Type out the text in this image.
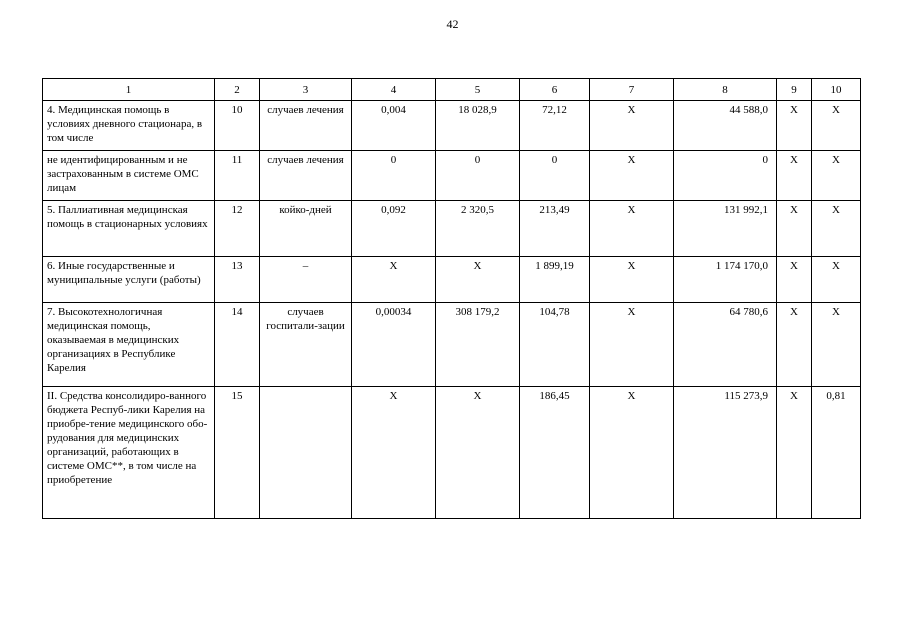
42
1	2	3	4	5	6	7	8	9	10
4. Медицинская помощь в условиях дневного стационара, в том числе	10	случаев лечения	0,004	18 028,9	72,12	X	44 588,0	X	X
не идентифицированным и не застрахованным в системе ОМС лицам	11	случаев лечения	0	0	0	X	0	X	X
5. Паллиативная медицинская помощь в стационарных условиях	12	койко-дней	0,092	2 320,5	213,49	X	131 992,1	X	X
6. Иные государственные и муниципальные услуги (работы)	13	–	X	X	1 899,19	X	1 174 170,0	X	X
7. Высокотехнологичная медицинская помощь, оказываемая в медицинских организациях в Республике Карелия	14	случаев госпитали-зации	0,00034	308 179,2	104,78	X	64 780,6	X	X
II. Средства консолидиро-ванного бюджета Респуб-лики Карелия на приобре-тение медицинского обо-рудования для медицинских организаций, работающих в системе ОМС**, в том числе на приобретение	15		X	X	186,45	X	115 273,9	X	0,81
